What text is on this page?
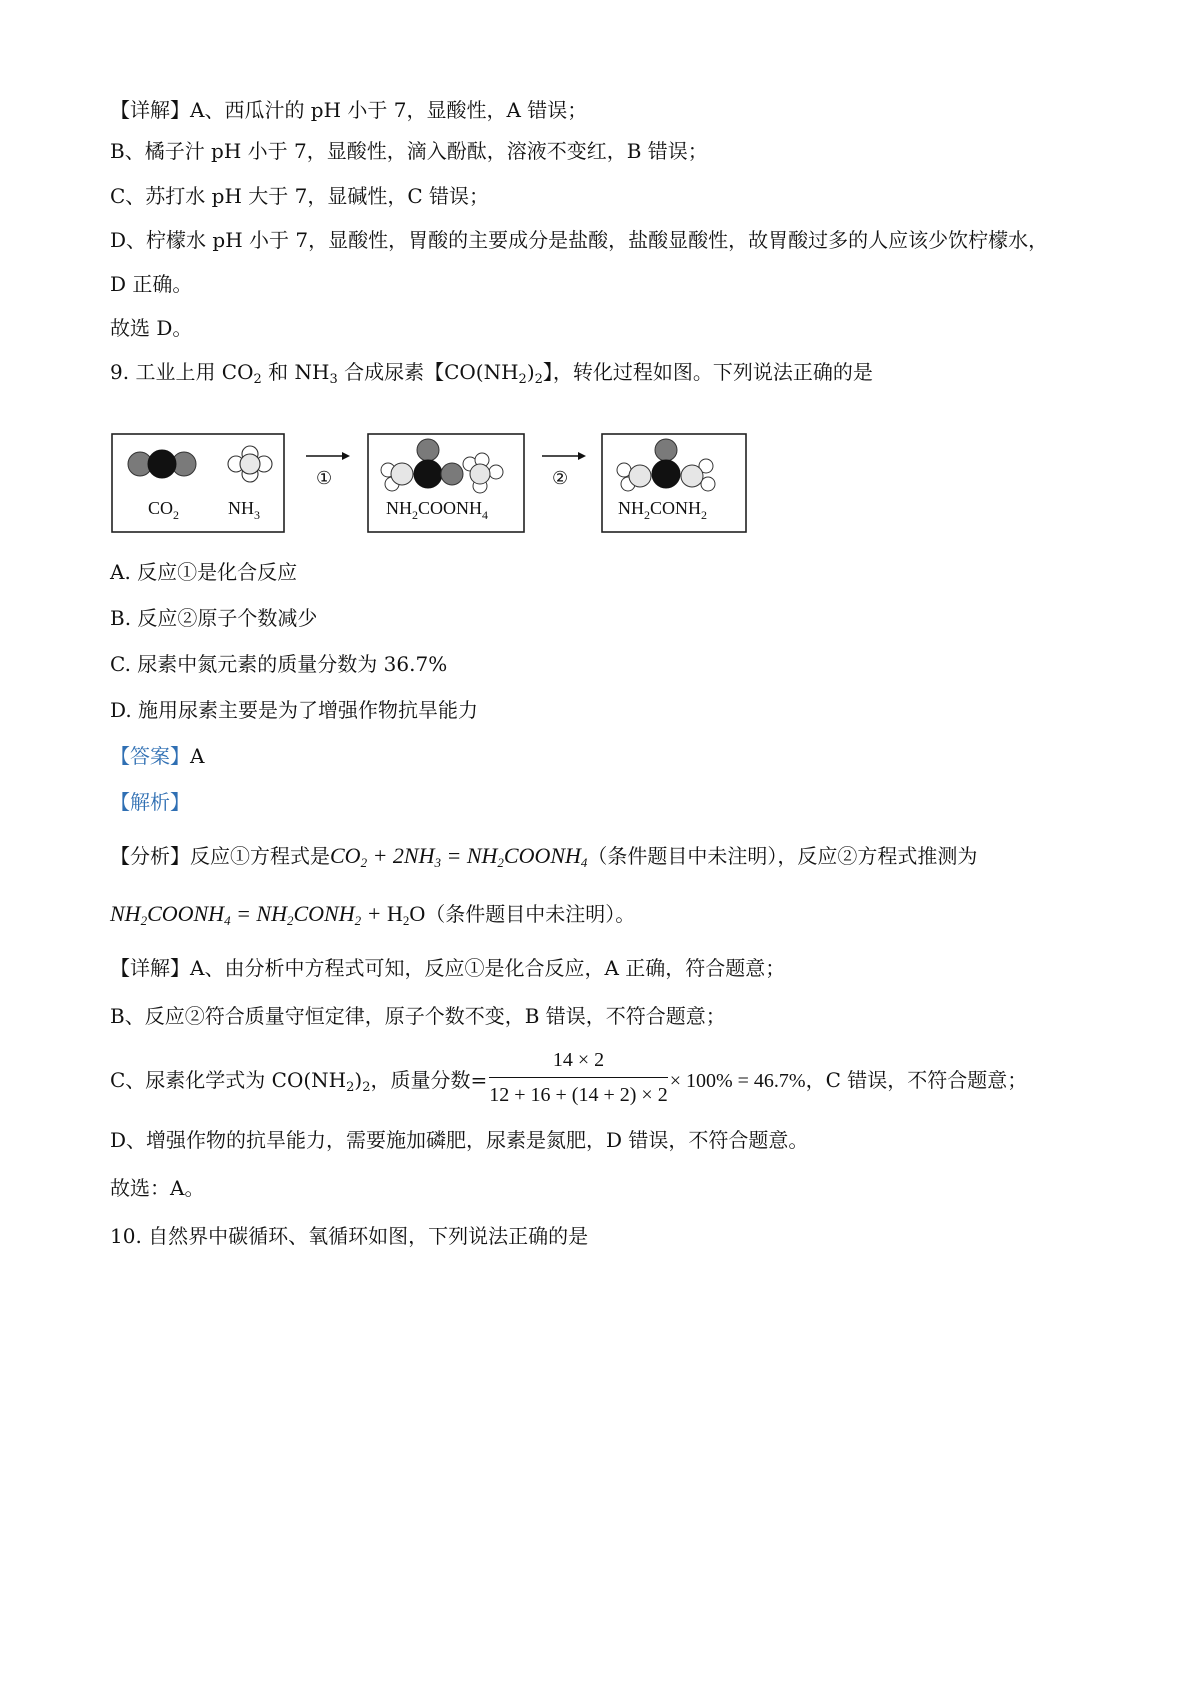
【详解】A、西瓜汁的 pH 小于 7，显酸性，A 错误；
B、橘子汁 pH 小于 7，显酸性，滴入酚酞，溶液不变红，B 错误；
C、苏打水 pH 大于 7，显碱性，C 错误；
D、柠檬水 pH 小于 7，显酸性，胃酸的主要成分是盐酸，盐酸显酸性，故胃酸过多的人应该少饮柠檬水，
D 正确。
故选 D。
9. 工业上用 $CO_2$ 和 $NH_3$ 合成尿素【$CO(NH_2)_2$】，转化过程如图。下列说法正确的是
$CO_2$	$NH_3$
①
$NH_2COONH_4$
②
$NH_2CONH_2$
A. 反应①是化合反应
B. 反应②原子个数减少
C. 尿素中氮元素的质量分数为 36.7%
D. 施用尿素主要是为了增强作物抗旱能力
【答案】A
【解析】
【分析】反应①方程式是$CO_2 + 2NH_3$ = $NH_2COONH_4$（条件题目中未注明），反应②方程式推测为
$NH_2COONH_4$ = $NH_2CONH_2 + H_2O$（条件题目中未注明）。
【详解】A、由分析中方程式可知，反应①是化合反应，A 正确，符合题意；
B、反应②符合质量守恒定律，原子个数不变，B 错误，不符合题意；
C、尿素化学式为 $CO(NH_2)_2$，质量分数= $\frac{14 \times 2}{12 + 16 + (14 + 2) \times 2} \times 100\% = 46.7\%$，C 错误，不符合题意；
D、增强作物的抗旱能力，需要施加磷肥，尿素是氮肥，D 错误，不符合题意。
故选：A。
10. 自然界中碳循环、氧循环如图，下列说法正确的是
